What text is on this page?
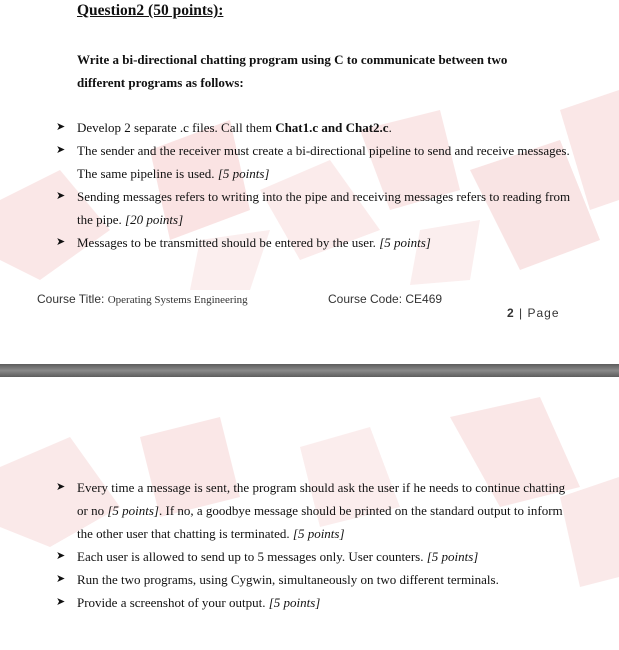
Question2 (50 points):

Write a bi-directional chatting program using C to communicate between two different programs as follows:

➤ Develop 2 separate .c files. Call them Chat1.c and Chat2.c.
➤ The sender and the receiver must create a bi-directional pipeline to send and receive messages. The same pipeline is used. [5 points]
➤ Sending messages refers to writing into the pipe and receiving messages refers to reading from the pipe. [20 points]
➤ Messages to be transmitted should be entered by the user. [5 points]
Course Title: Operating Systems Engineering	Course Code: CE469
2 | Page
➤ Every time a message is sent, the program should ask the user if he needs to continue chatting or no [5 points]. If no, a goodbye message should be printed on the standard output to inform the other user that chatting is terminated. [5 points]
➤ Each user is allowed to send up to 5 messages only. User counters. [5 points]
➤ Run the two programs, using Cygwin, simultaneously on two different terminals.
➤ Provide a screenshot of your output. [5 points]
